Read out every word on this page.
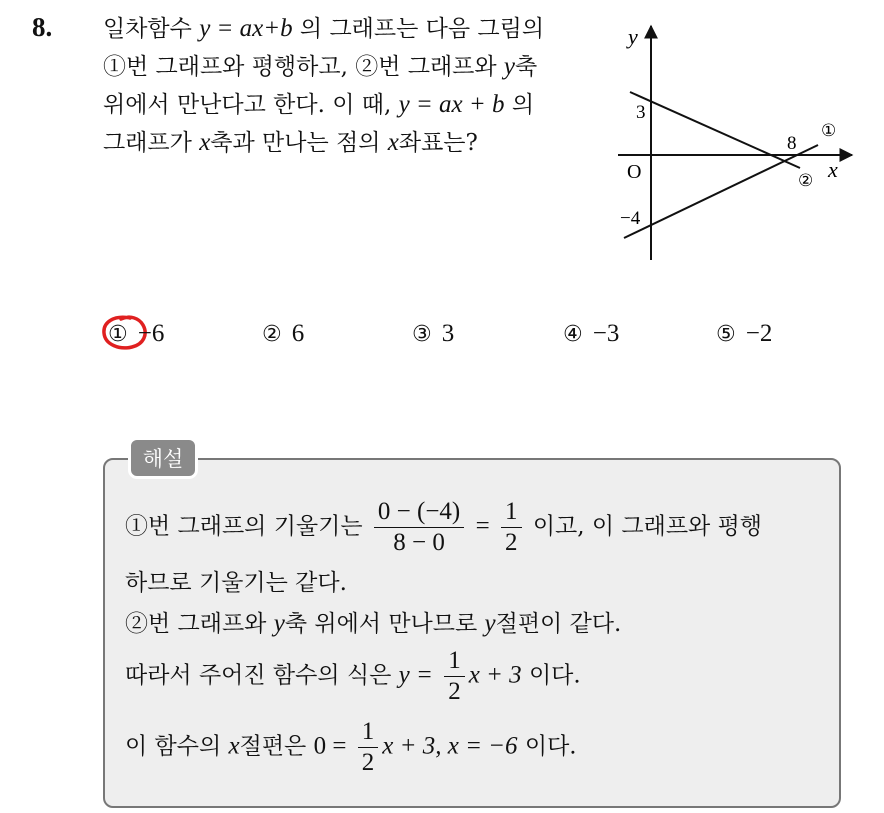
8. 일차함수 y = ax+b 의 그래프는 다음 그림의
①번 그래프와 평행하고, ②번 그래프와 y축
위에서 만난다고 한다. 이 때, y = ax + b 의
그래프가 x축과 만나는 점의 x좌표는?
y
x
O
3
−4
8
①
②
① −6	② 6	③ 3	④ −3	⑤ −2
해설
①번 그래프의 기울기는 $\frac{0 - (-4)}{8 - 0} = \frac{1}{2}$ 이고, 이 그래프와 평행
하므로 기울기는 같다.
②번 그래프와 y축 위에서 만나므로 y절편이 같다.
따라서 주어진 함수의 식은 $y = \frac{1}{2}$ x + 3 이다.
이 함수의 x절편은 $0 = \frac{1}{2}$ x + 3, x = −6 이다.
